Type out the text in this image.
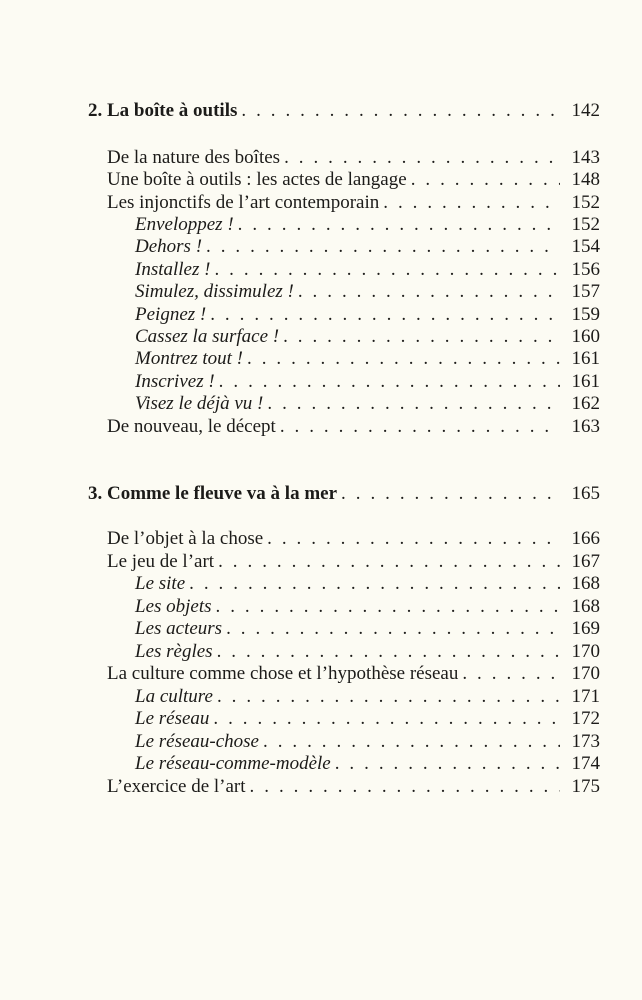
2. La boîte à outils . . .	142
De la nature des boîtes . . .	143
Une boîte à outils : les actes de langage . . .	148
Les injonctifs de l’art contemporain . . .	152
Enveloppez ! . . .	152
Dehors ! . . .	154
Installez ! . . .	156
Simulez, dissimulez ! . . .	157
Peignez ! . . .	159
Cassez la surface ! . . .	160
Montrez tout ! . . .	161
Inscrivez ! . . .	161
Visez le déjà vu ! . . .	162
De nouveau, le décept . . .	163
3. Comme le fleuve va à la mer . . .	165
De l’objet à la chose . . .	166
Le jeu de l’art . . .	167
Le site . . .	168
Les objets . . .	168
Les acteurs . . .	169
Les règles . . .	170
La culture comme chose et l’hypothèse réseau . . .	170
La culture . . .	171
Le réseau . . .	172
Le réseau-chose . . .	173
Le réseau-comme-modèle . . .	174
L’exercice de l’art . . .	175
